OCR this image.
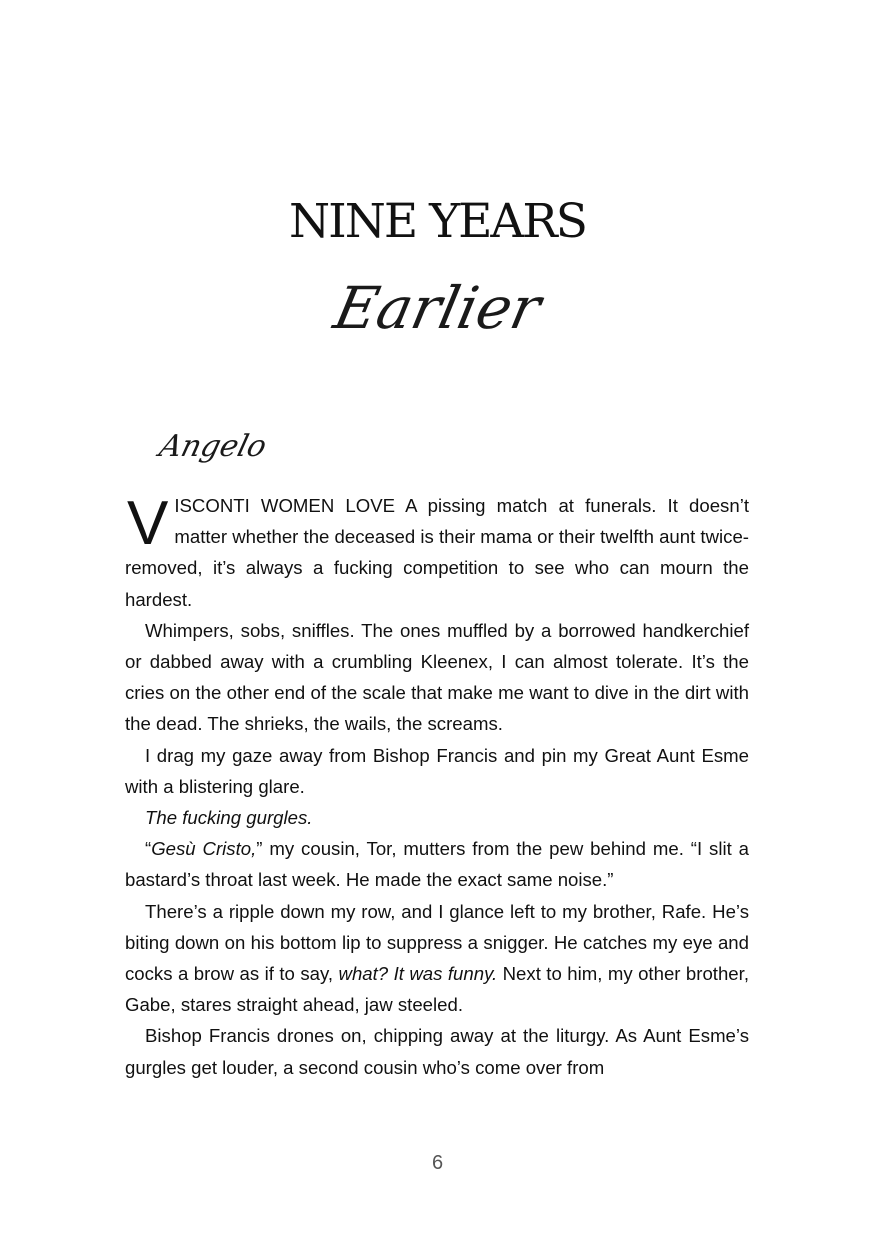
NINE YEARS
Earlier
Angelo

VISCONTI WOMEN LOVE A pissing match at funerals. It doesn’t matter whether the deceased is their mama or their twelfth aunt twice-removed, it’s always a fucking competition to see who can mourn the hardest.

Whimpers, sobs, sniffles. The ones muffled by a borrowed handkerchief or dabbed away with a crumbling Kleenex, I can almost tolerate. It’s the cries on the other end of the scale that make me want to dive in the dirt with the dead. The shrieks, the wails, the screams.

I drag my gaze away from Bishop Francis and pin my Great Aunt Esme with a blistering glare.

The fucking gurgles.

“Gesù Cristo,” my cousin, Tor, mutters from the pew behind me. “I slit a bastard’s throat last week. He made the exact same noise.”

There’s a ripple down my row, and I glance left to my brother, Rafe. He’s biting down on his bottom lip to suppress a snigger. He catches my eye and cocks a brow as if to say, what? It was funny. Next to him, my other brother, Gabe, stares straight ahead, jaw steeled.

Bishop Francis drones on, chipping away at the liturgy. As Aunt Esme’s gurgles get louder, a second cousin who’s come over from

6
